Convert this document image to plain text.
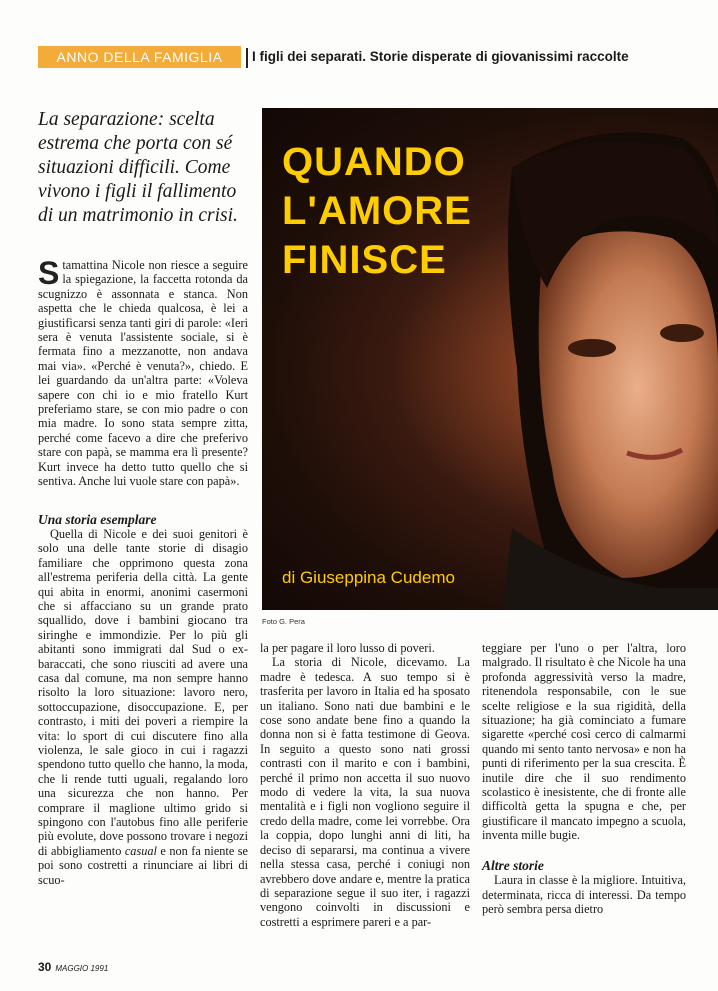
ANNO DELLA FAMIGLIA	I figli dei separati. Storie disperate di giovanissimi raccolte
La separazione: scelta estrema che porta con sé situazioni difficili. Come vivono i figli il fallimento di un matrimonio in crisi.
QUANDO
L'AMORE
FINISCE
di Giuseppina Cudemo
Foto G. Pera

Stamattina Nicole non riesce a seguire la spiegazione, la faccetta rotonda da scugnizzo è assonnata e stanca. Non aspetta che le chieda qualcosa, è lei a giustificarsi senza tanti giri di parole: «Ieri sera è venuta l'assistente sociale, si è fermata fino a mezzanotte, non andava mai via». «Perché è venuta?», chiedo. E lei guardando da un'altra parte: «Voleva sapere con chi io e mio fratello Kurt preferiamo stare, se con mio padre o con mia madre. Io sono stata sempre zitta, perché come facevo a dire che preferivo stare con papà, se mamma era lì presente? Kurt invece ha detto tutto quello che si sentiva. Anche lui vuole stare con papà».

Una storia esemplare

Quella di Nicole e dei suoi genitori è solo una delle tante storie di disagio familiare che opprimono questa zona all'estrema periferia della città. La gente qui abita in enormi, anonimi casermoni che si affacciano su un grande prato squallido, dove i bambini giocano tra siringhe e immondizie. Per lo più gli abitanti sono immigrati dal Sud o ex-baraccati, che sono riusciti ad avere una casa dal comune, ma non sempre hanno risolto la loro situazione: lavoro nero, sottoccupazione, disoccupazione. E, per contrasto, i miti dei poveri a riempire la vita: lo sport di cui discutere fino alla violenza, le sale gioco in cui i ragazzi spendono tutto quello che hanno, la moda, che li rende tutti uguali, regalando loro una sicurezza che non hanno. Per comprare il maglione ultimo grido si spingono con l'autobus fino alle periferie più evolute, dove possono trovare i negozi di abbigliamento casual e non fa niente se poi sono costretti a rinunciare ai libri di scuo-

la per pagare il loro lusso di poveri.

La storia di Nicole, dicevamo. La madre è tedesca. A suo tempo si è trasferita per lavoro in Italia ed ha sposato un italiano. Sono nati due bambini e le cose sono andate bene fino a quando la donna non si è fatta testimone di Geova. In seguito a questo sono nati grossi contrasti con il marito e con i bambini, perché il primo non accetta il suo nuovo modo di vedere la vita, la sua nuova mentalità e i figli non vogliono seguire il credo della madre, come lei vorrebbe. Ora la coppia, dopo lunghi anni di liti, ha deciso di separarsi, ma continua a vivere nella stessa casa, perché i coniugi non avrebbero dove andare e, mentre la pratica di separazione segue il suo iter, i ragazzi vengono coinvolti in discussioni e costretti a esprimere pareri e a par-

teggiare per l'uno o per l'altra, loro malgrado. Il risultato è che Nicole ha una profonda aggressività verso la madre, ritenendola responsabile, con le sue scelte religiose e la sua rigidità, della situazione; ha già cominciato a fumare sigarette «perché così cerco di calmarmi quando mi sento tanto nervosa» e non ha punti di riferimento per la sua crescita. È inutile dire che il suo rendimento scolastico è inesistente, che di fronte alle difficoltà getta la spugna e che, per giustificare il mancato impegno a scuola, inventa mille bugie.

Altre storie

Laura in classe è la migliore. Intuitiva, determinata, ricca di interessi. Da tempo però sembra persa dietro

30 MAGGIO 1991
